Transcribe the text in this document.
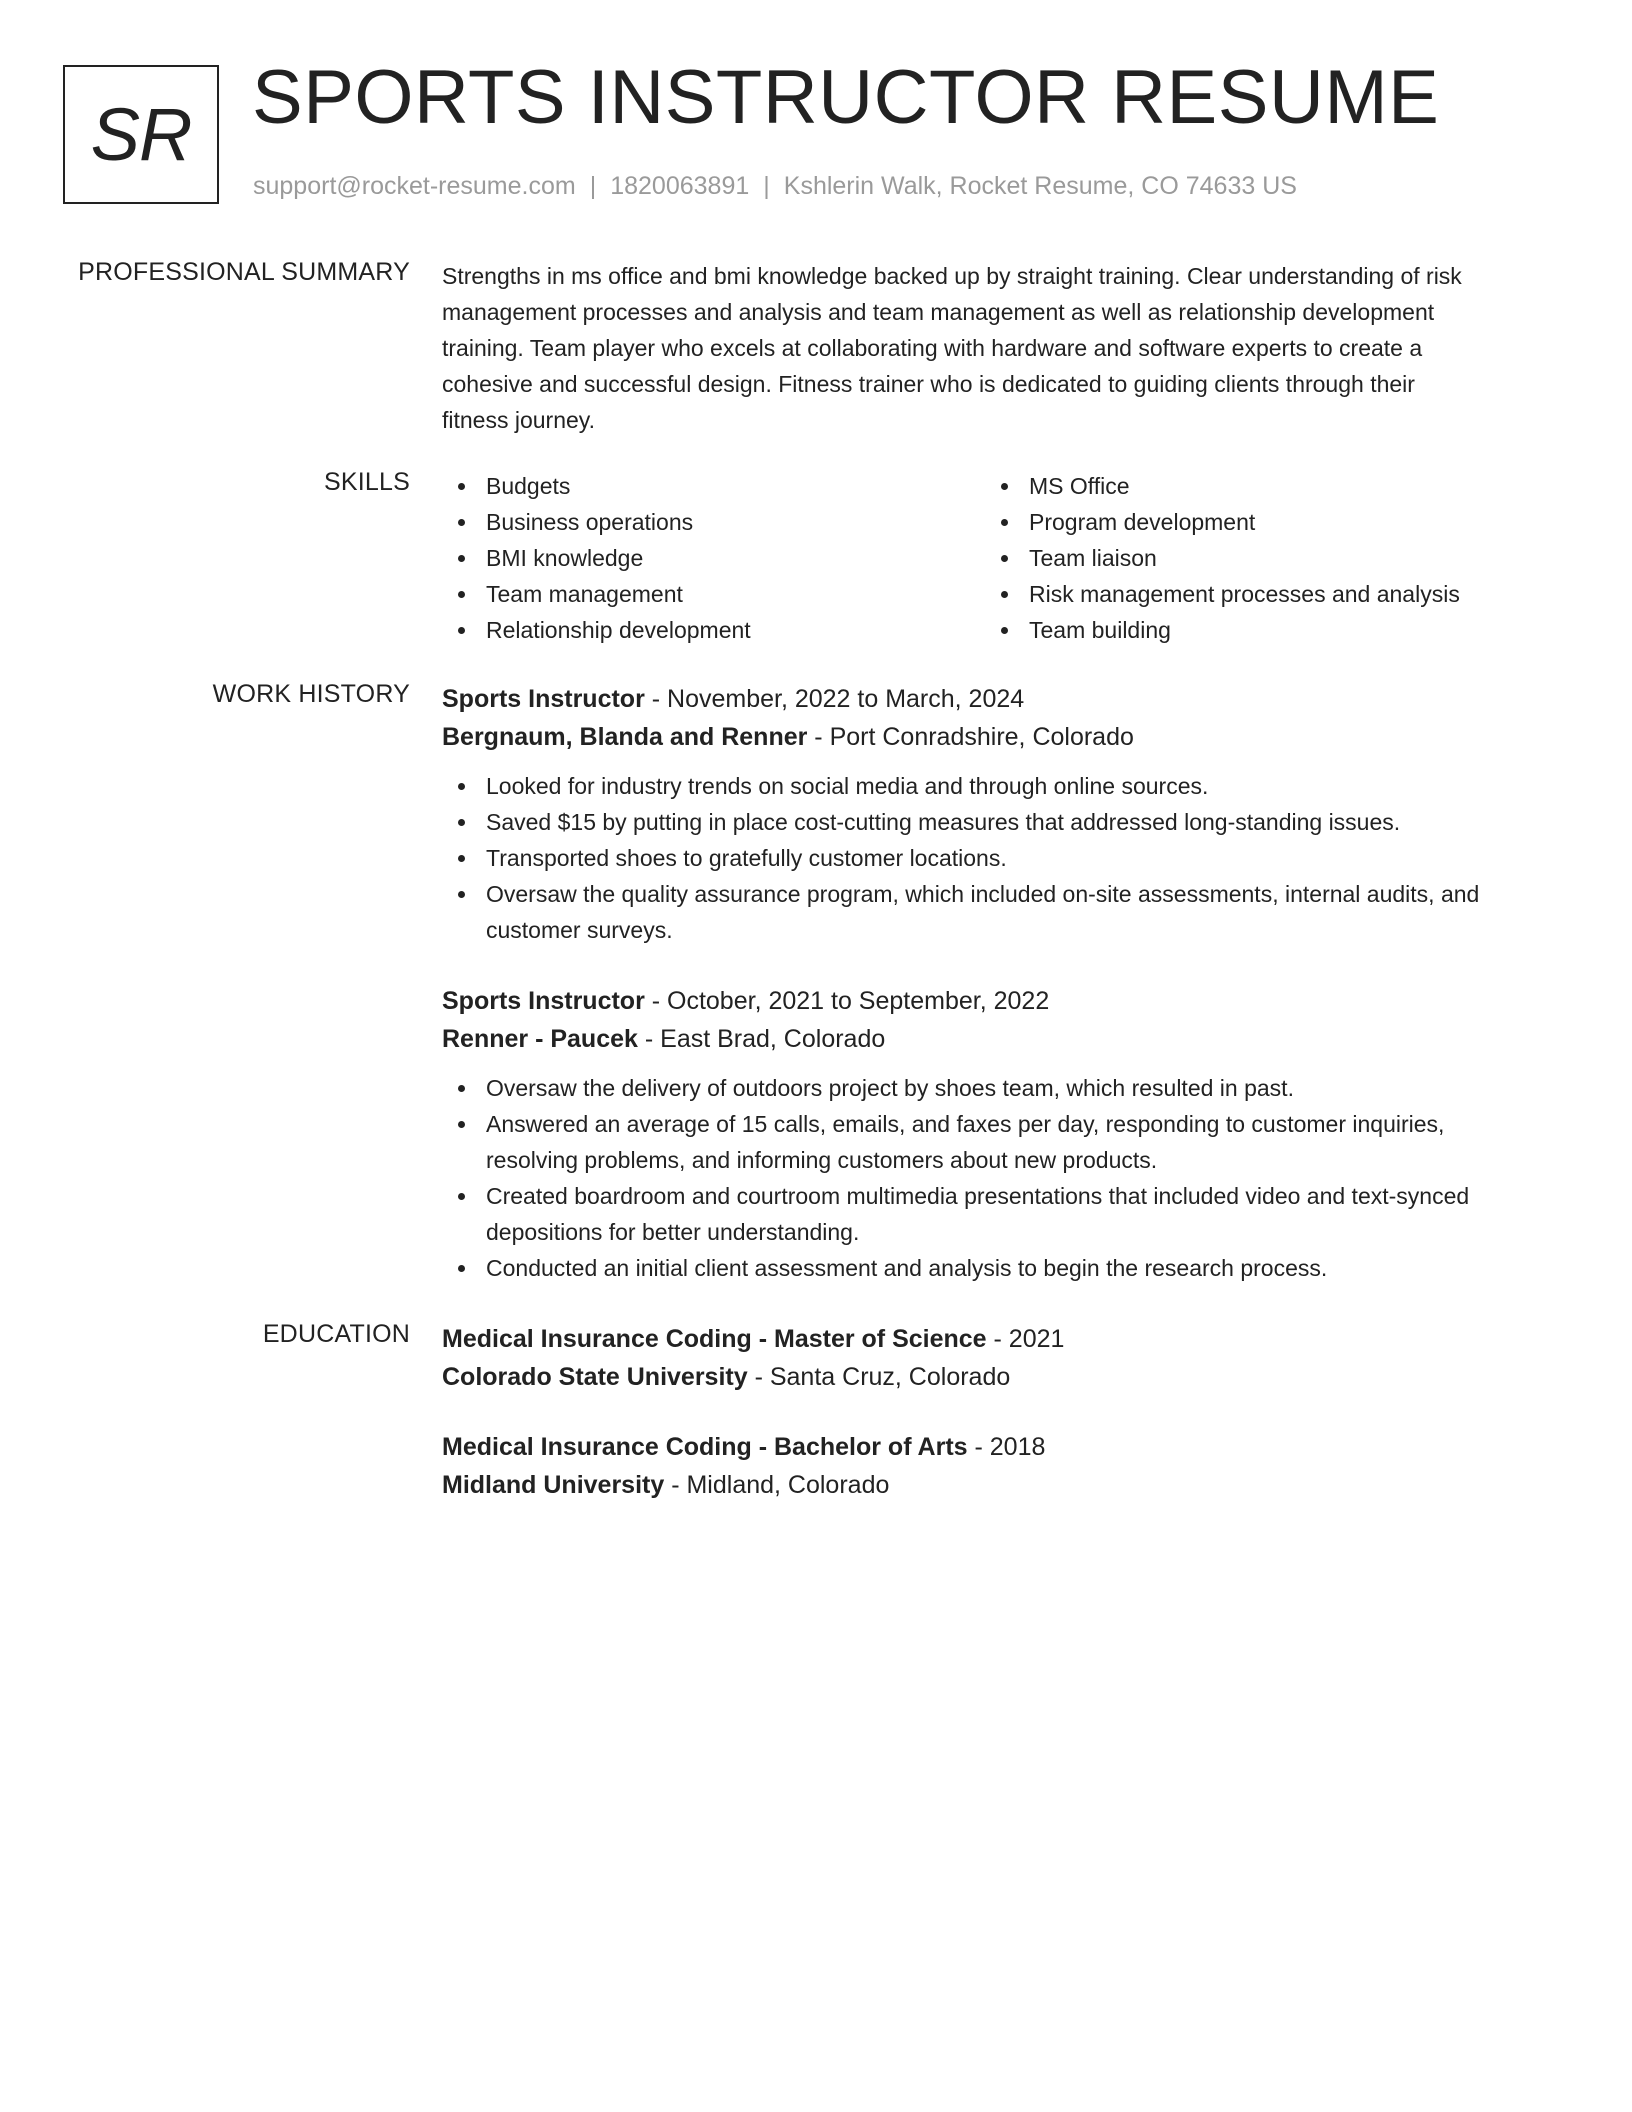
SR SPORTS INSTRUCTOR RESUME
support@rocket-resume.com | 1820063891 | Kshlerin Walk, Rocket Resume, CO 74633 US
PROFESSIONAL SUMMARY Strengths in ms office and bmi knowledge backed up by straight training. Clear understanding of risk

management processes and analysis and team management as well as relationship development

training. Team player who excels at collaborating with hardware and software experts to create a

cohesive and successful design. Fitness trainer who is dedicated to guiding clients through their

fitness journey.

SKILLS	Budgets
Business operations
BMI knowledge
Team management
Relationship development
MS Office
Program development
Team liaison
Risk management processes and analysis
Team building
WORK HISTORY Sports Instructor - November, 2022 to March, 2024
Bergnaum, Blanda and Renner - Port Conradshire, Colorado
Looked for industry trends on social media and through online sources.
Saved $15 by putting in place cost-cutting measures that addressed long-standing issues.
Transported shoes to gratefully customer locations.
Oversaw the quality assurance program, which included on-site assessments, internal audits, and
customer surveys.
Sports Instructor - October, 2021 to September, 2022
Renner - Paucek - East Brad, Colorado
Oversaw the delivery of outdoors project by shoes team, which resulted in past.
Answered an average of 15 calls, emails, and faxes per day, responding to customer inquiries,
resolving problems, and informing customers about new products.
Created boardroom and courtroom multimedia presentations that included video and text-synced
depositions for better understanding.
Conducted an initial client assessment and analysis to begin the research process.
EDUCATION Medical Insurance Coding - Master of Science - 2021
Colorado State University - Santa Cruz, Colorado
Medical Insurance Coding - Bachelor of Arts - 2018
Midland University - Midland, Colorado
